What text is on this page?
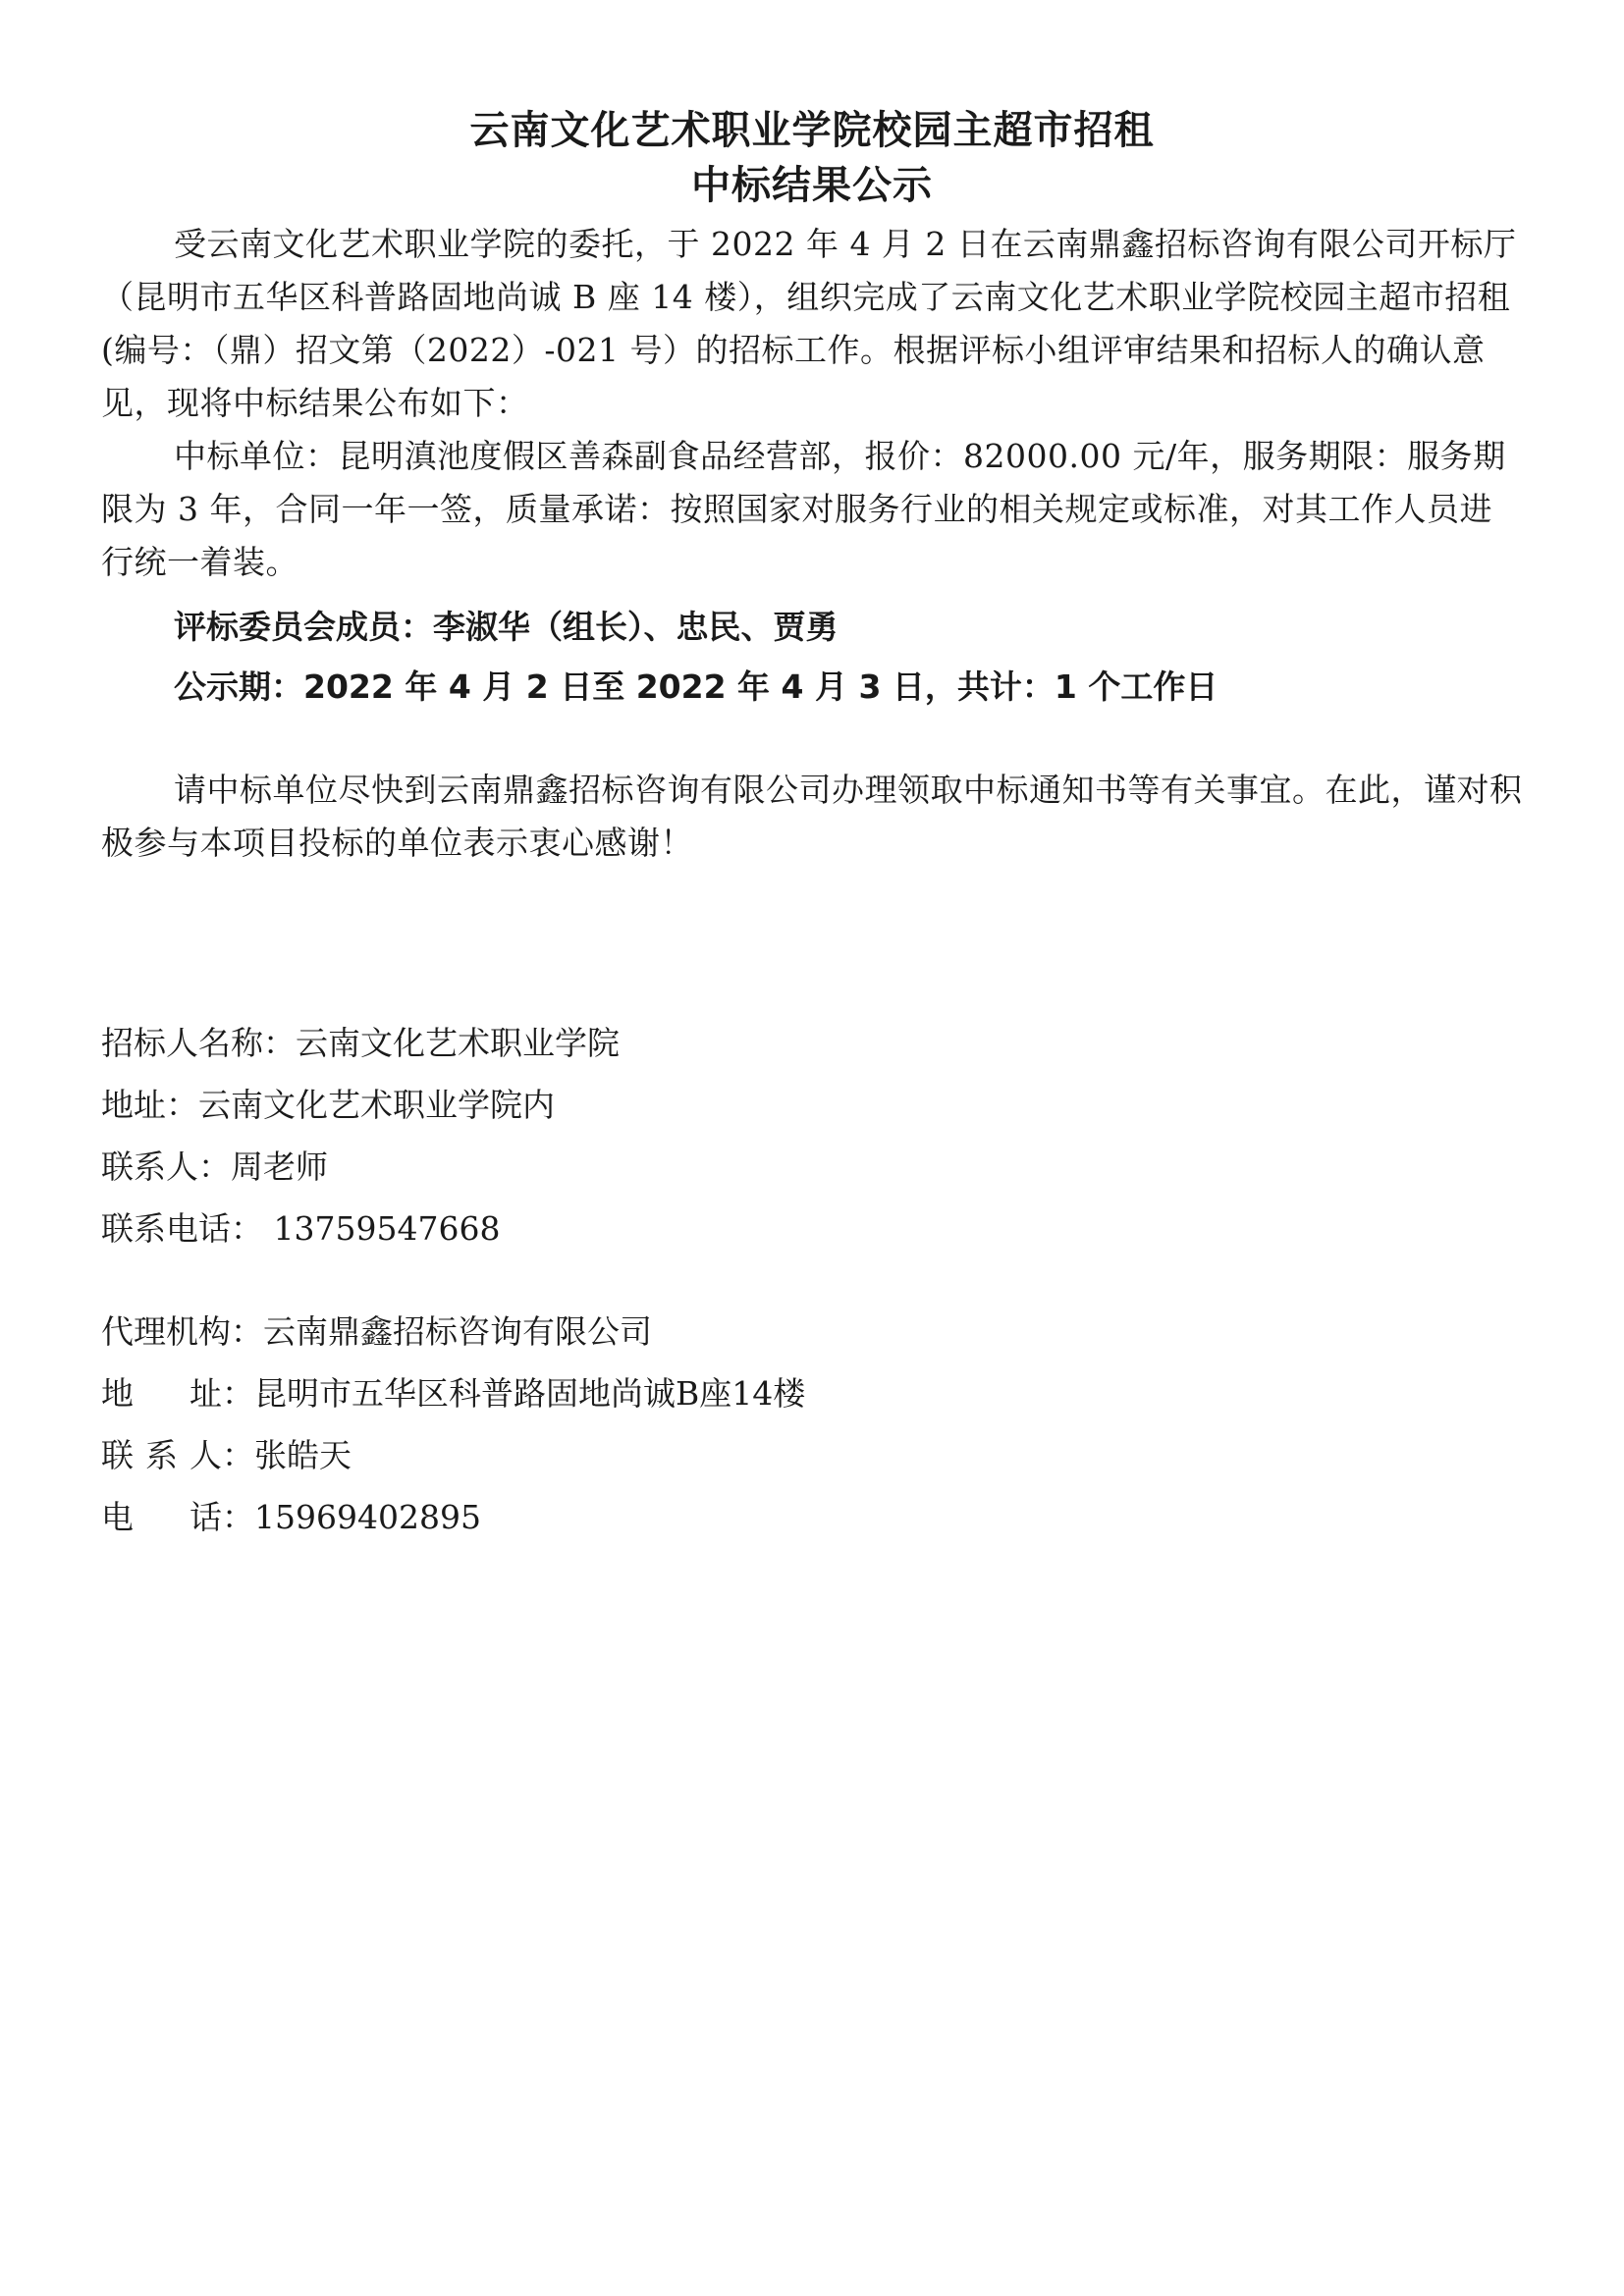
云南文化艺术职业学院校园主超市招租
中标结果公示
受云南文化艺术职业学院的委托，于 2022 年 4 月 2 日在云南鼎鑫招标咨询有限公司开标厅（昆明市五华区科普路固地尚诚 B 座 14 楼），组织完成了云南文化艺术职业学院校园主超市招租(编号：（鼎）招文第（2022）-021 号）的招标工作。根据评标小组评审结果和招标人的确认意见，现将中标结果公布如下：
中标单位：昆明滇池度假区善森副食品经营部，报价：82000.00 元/年，服务期限：服务期限为 3 年，合同一年一签，质量承诺：按照国家对服务行业的相关规定或标准，对其工作人员进行统一着装。
评标委员会成员：李淑华（组长）、忠民、贾勇
公示期：2022 年 4 月 2 日至 2022 年 4 月 3 日，共计：1 个工作日
请中标单位尽快到云南鼎鑫招标咨询有限公司办理领取中标通知书等有关事宜。在此，谨对积极参与本项目投标的单位表示衷心感谢！
招标人名称：云南文化艺术职业学院
地址：云南文化艺术职业学院内
联系人：周老师
联系电话： 13759547668
代理机构：云南鼎鑫招标咨询有限公司
地 址： 昆明市五华区科普路固地尚诚B座14楼
联 系 人： 张皓天
电 话： 15969402895
